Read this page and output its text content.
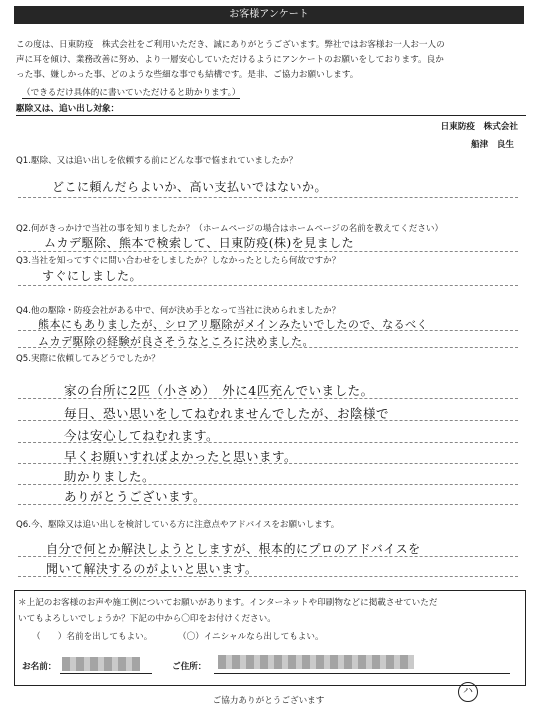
お客様アンケート
この度は、日東防疫　株式会社をご利用いただき、誠にありがとうございます。弊社ではお客様お一人お一人の
声に耳を傾け、業務改善に努め、より一層安心していただけるようにアンケートのお願いをしております。良か
った事、嫌しかった事、どのような些細な事でも結構です。是非、ご協力お願いします。
（できるだけ具体的に書いていただけると助かります。）
駆除又は、追い出し対象：
日東防疫　株式会社
船津　良生
Q1.駆除、又は追い出しを依頼する前にどんな事で悩まれていましたか？
どこに頼んだらよいか、高い支払いではないか。
Q2.何がきっかけで当社の事を知りましたか？（ホームページの場合はホームページの名前を教えてください）
ムカデ駆除、熊本で検索して、日東防疫(株)を見ました
Q3.当社を知ってすぐに問い合わせをしましたか？しなかったとしたら何故ですか？
すぐにしました。
Q4.他の駆除・防疫会社がある中で、何が決め手となって当社に決められましたか？
熊本にもありましたが、シロアリ駆除がメインみたいでしたので、なるべく
ムカデ駆除の経験が良さそうなところに決めました。
Q5.実際に依頼してみどうでしたか？
家の台所に2匹（小さめ）　外に4匹充んでいました。
毎日、恐い思いをしてねむれませんでしたが、お陰様で
今は安心してねむれます。
早くお願いすればよかったと思います。
助かりました。
ありがとうございます。
Q6.今、駆除又は追い出しを検討している方に注意点やアドバイスをお願いします。
自分で何とか解決しようとしますが、根本的にプロのアドバイスを
聞いて解決するのがよいと思います。
＊上記のお客様のお声や施工例についてお願いがあります。インターネットや印刷物などに掲載させていただ
いてもよろしいでしょうか？下記の中から〇印をお付けください。
（　　）名前を出してもよい。	（〇）イニシャルなら出してもよい。
お名前：	ご住所：
ご協力ありがとうございます
ハ
